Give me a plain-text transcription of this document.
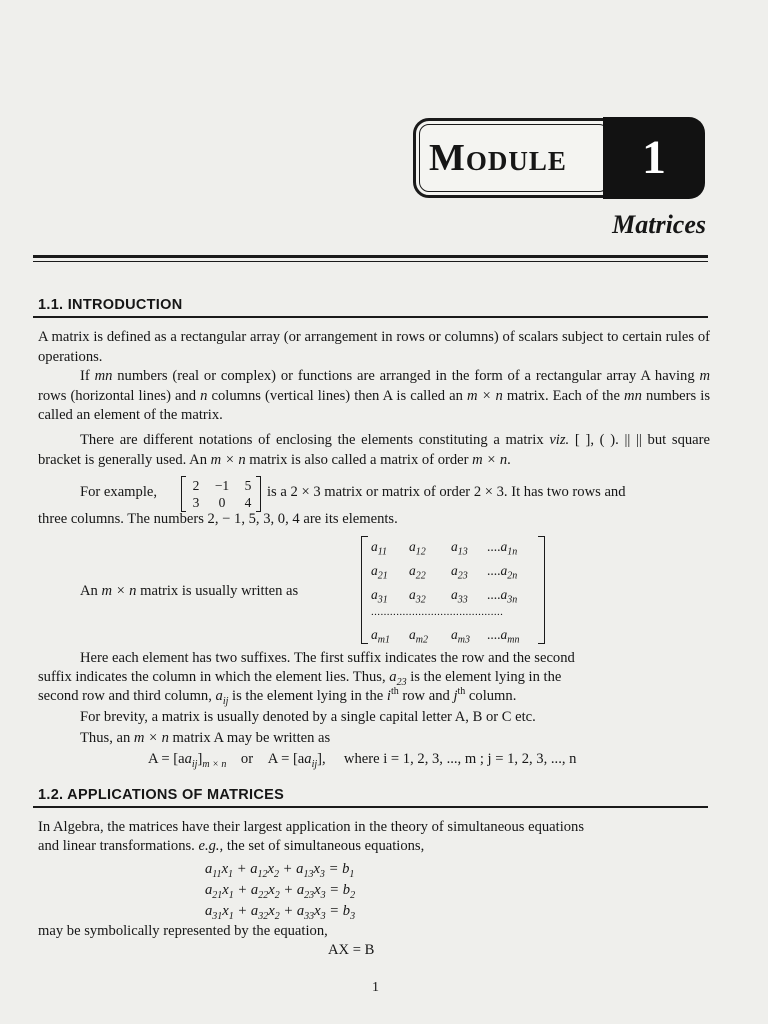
Module	1
Matrices
1.1. INTRODUCTION
A matrix is defined as a rectangular array (or arrangement in rows or columns) of scalars subject to certain rules of operations.
If mn numbers (real or complex) or functions are arranged in the form of a rectangular array A having m rows (horizontal lines) and n columns (vertical lines) then A is called an m × n matrix. Each of the mn numbers is called an element of the matrix.
There are different notations of enclosing the elements constituting a matrix viz. [ ], ( ). || || but square bracket is generally used. An m × n matrix is also called a matrix of order m × n.
For example,	2	−1	5
3	0	4
is a 2 × 3 matrix or matrix of order 2 × 3. It has two rows and
three columns. The numbers 2, − 1, 5, 3, 0, 4 are its elements.
An m × n matrix is usually written as
$a_{11}$ $a_{12}$ $a_{13}$ $....a_{1n}$
$a_{21}$ $a_{22}$ $a_{23}$ $....a_{2n}$
$a_{31}$ $a_{32}$ $a_{33}$ $....a_{3n}$
$a_{m1}$ $a_{m2}$ $a_{m3}$ $....a_{mn}$
..........................................
Here each element has two suffixes. The first suffix indicates the row and the second
suffix indicates the column in which the element lies. Thus, $a_{23}$ is the element lying in the
second row and third column, $a_{ij}$ is the element lying in the $i^{th}$ row and $j^{th}$ column.
For brevity, a matrix is usually denoted by a single capital letter A, B or C etc.
Thus, an m × n matrix A may be written as
$A = [aa_{ij}]_{m \times n}$ or $A = [aa_{ij}]$,     where i = 1, 2, 3, ..., m ; j = 1, 2, 3, ..., n
1.2. APPLICATIONS OF MATRICES
In Algebra, the matrices have their largest application in the theory of simultaneous equations
and linear transformations. e.g., the set of simultaneous equations,
$a_{11}x_1 + a_{12}x_2 + a_{13}x_3 = b_1$
$a_{21}x_1 + a_{22}x_2 + a_{23}x_3 = b_2$
$a_{31}x_1 + a_{32}x_2 + a_{33}x_3 = b_3$
may be symbolically represented by the equation,
AX = B
1
